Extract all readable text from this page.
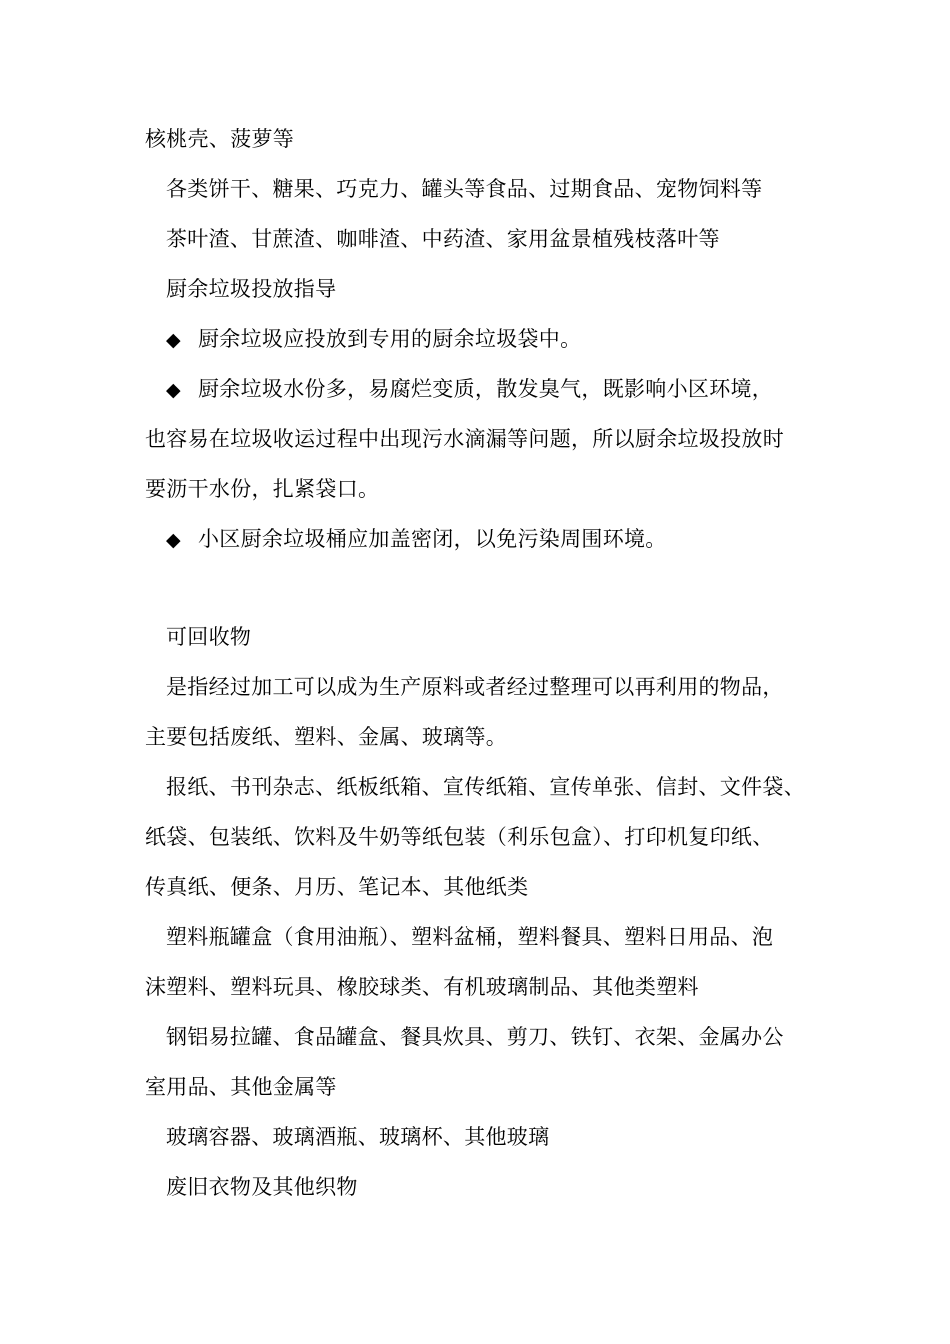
核桃壳、菠萝等
各类饼干、糖果、巧克力、罐头等食品、过期食品、宠物饲料等
茶叶渣、甘蔗渣、咖啡渣、中药渣、家用盆景植残枝落叶等
厨余垃圾投放指导
◆ 厨余垃圾应投放到专用的厨余垃圾袋中。
◆ 厨余垃圾水份多，易腐烂变质，散发臭气，既影响小区环境，
也容易在垃圾收运过程中出现污水滴漏等问题，所以厨余垃圾投放时
要沥干水份，扎紧袋口。
◆ 小区厨余垃圾桶应加盖密闭，以免污染周围环境。
可回收物
是指经过加工可以成为生产原料或者经过整理可以再利用的物品，
主要包括废纸、塑料、金属、玻璃等。
报纸、书刊杂志、纸板纸箱、宣传纸箱、宣传单张、信封、文件袋、
纸袋、包装纸、饮料及牛奶等纸包装（利乐包盒）、打印机复印纸、
传真纸、便条、月历、笔记本、其他纸类
塑料瓶罐盒（食用油瓶）、塑料盆桶，塑料餐具、塑料日用品、泡
沫塑料、塑料玩具、橡胶球类、有机玻璃制品、其他类塑料
钢铝易拉罐、食品罐盒、餐具炊具、剪刀、铁钉、衣架、金属办公
室用品、其他金属等
玻璃容器、玻璃酒瓶、玻璃杯、其他玻璃
废旧衣物及其他织物
